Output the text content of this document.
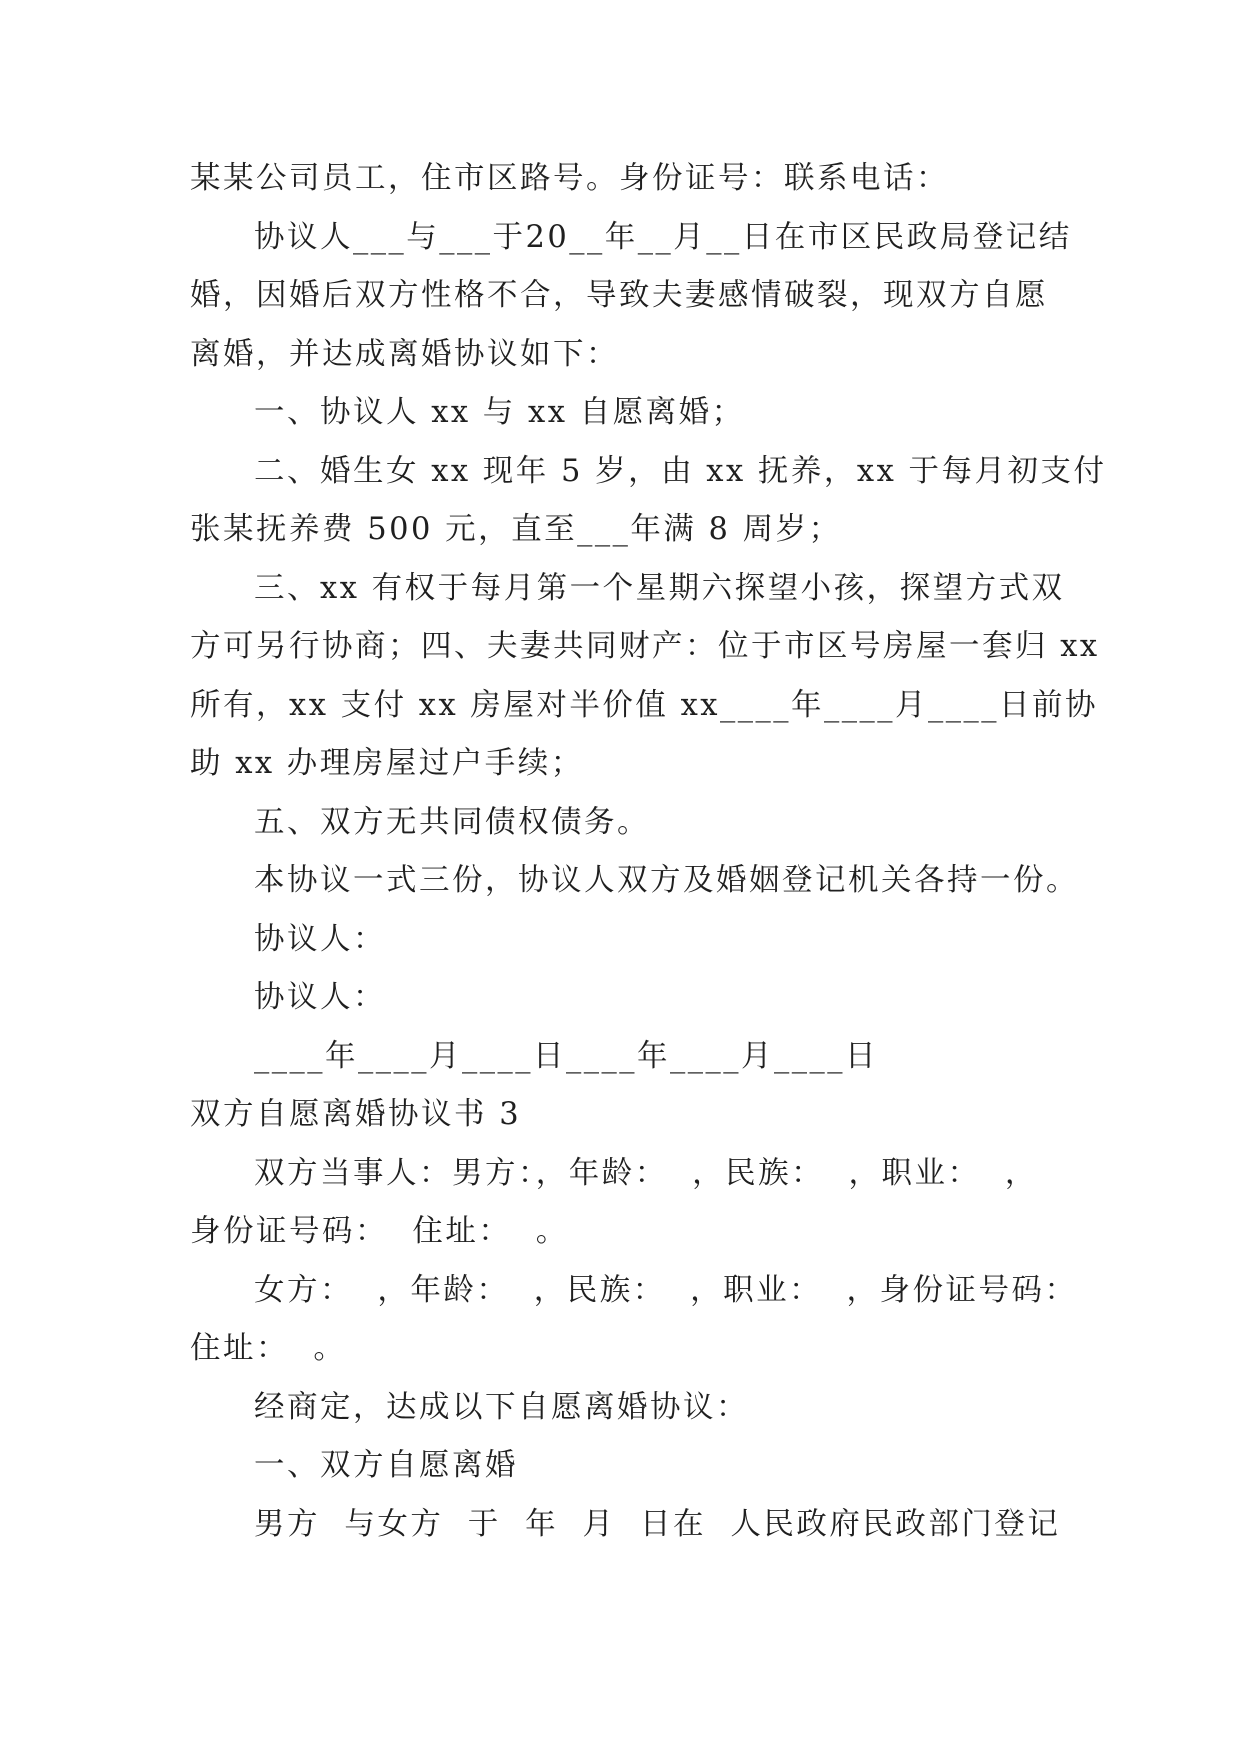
某某公司员工，住市区路号。身份证号：联系电话：
协议人___与___于20__年__月__日在市区民政局登记结
婚，因婚后双方性格不合，导致夫妻感情破裂，现双方自愿
离婚，并达成离婚协议如下：
一、协议人 xx 与 xx 自愿离婚；
二、婚生女 xx 现年 5 岁，由 xx 抚养，xx 于每月初支付
张某抚养费 500 元，直至___年满 8 周岁；
三、xx 有权于每月第一个星期六探望小孩，探望方式双
方可另行协商；四、夫妻共同财产：位于市区号房屋一套归 xx
所有，xx 支付 xx 房屋对半价值 xx____年____月____日前协
助 xx 办理房屋过户手续；
五、双方无共同债权债务。
本协议一式三份，协议人双方及婚姻登记机关各持一份。
协议人：
协议人：
____年____月____日____年____月____日
双方自愿离婚协议书 3
双方当事人：男方：，年龄：  ，民族：  ，职业：  ，
身份证号码：  住址：  。
女方：  ，年龄：  ，民族：  ，职业：  ，身份证号码：
住址：  。
经商定，达成以下自愿离婚协议：
一、双方自愿离婚
男方  与女方  于  年  月  日在  人民政府民政部门登记
